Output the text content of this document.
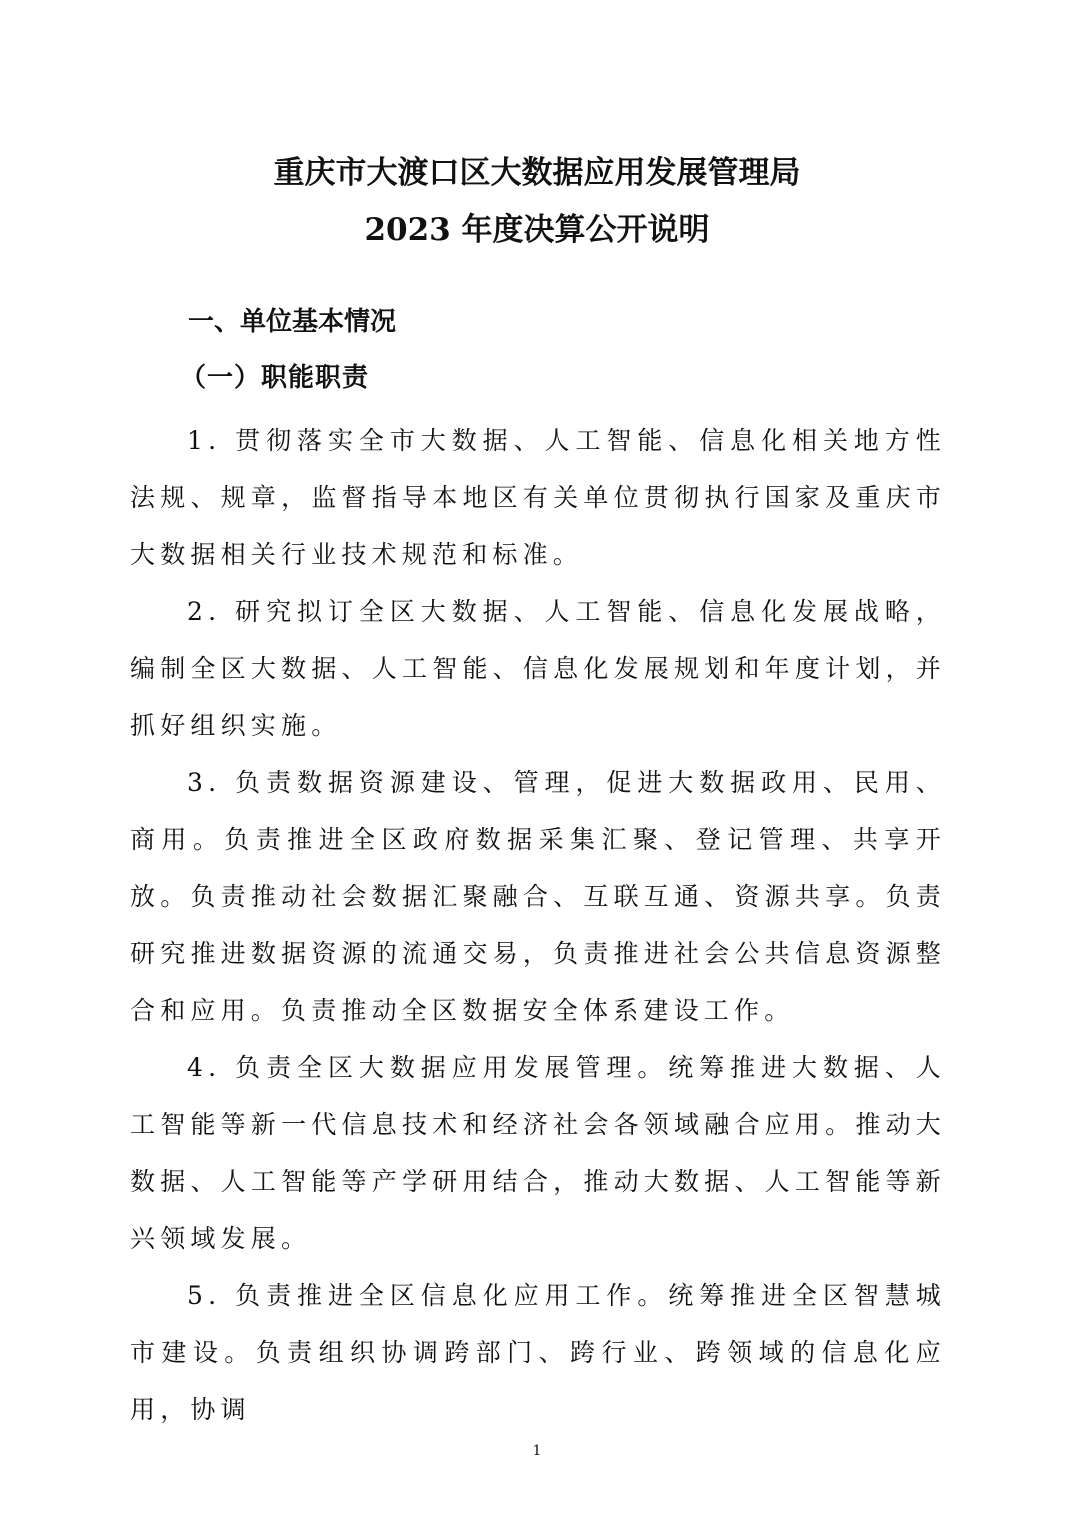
重庆市大渡口区大数据应用发展管理局
2023 年度决算公开说明
一、单位基本情况
（一）职能职责

1. 贯彻落实全市大数据、人工智能、信息化相关地方性法规、规章，监督指导本地区有关单位贯彻执行国家及重庆市大数据相关行业技术规范和标准。

2. 研究拟订全区大数据、人工智能、信息化发展战略，编制全区大数据、人工智能、信息化发展规划和年度计划，并抓好组织实施。

3. 负责数据资源建设、管理，促进大数据政用、民用、商用。负责推进全区政府数据采集汇聚、登记管理、共享开放。负责推动社会数据汇聚融合、互联互通、资源共享。负责研究推进数据资源的流通交易，负责推进社会公共信息资源整合和应用。负责推动全区数据安全体系建设工作。

4. 负责全区大数据应用发展管理。统筹推进大数据、人工智能等新一代信息技术和经济社会各领域融合应用。推动大数据、人工智能等产学研用结合，推动大数据、人工智能等新兴领域发展。

5. 负责推进全区信息化应用工作。统筹推进全区智慧城市建设。负责组织协调跨部门、跨行业、跨领域的信息化应用，协调

1
